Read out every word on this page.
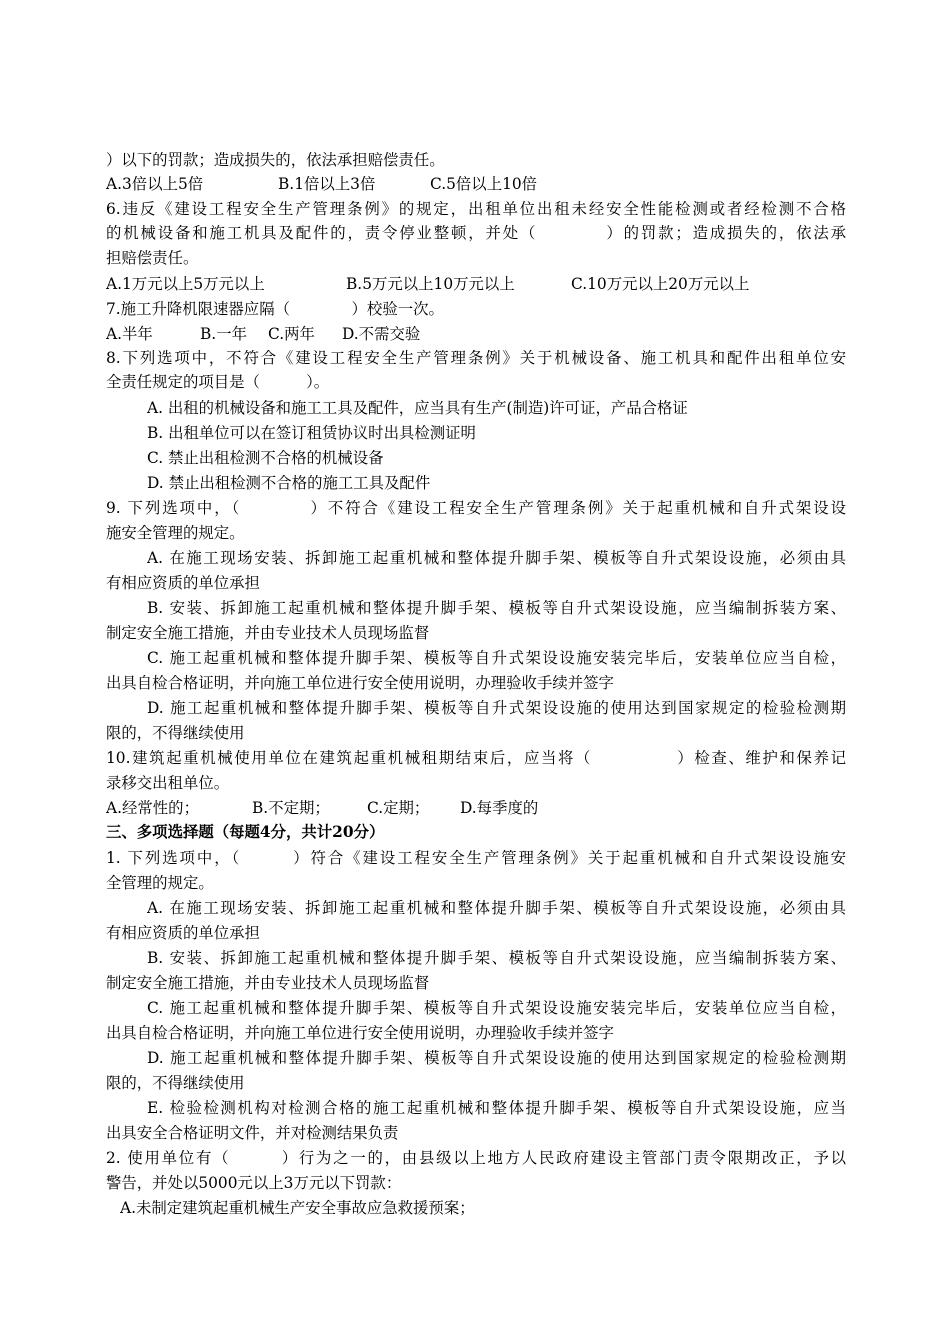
）以下的罚款；造成损失的，依法承担赔偿责任。
A.3倍以上5倍	B.1倍以上3倍	C.5倍以上10倍
6.违反《建设工程安全生产管理条例》的规定，出租单位出租未经安全性能检测或者经检测不合格
的机械设备和施工机具及配件的，责令停业整顿，并处（　　　　）的罚款；造成损失的，依法承
担赔偿责任。
A.1万元以上5万元以上	B.5万元以上10万元以上	C.10万元以上20万元以上
7.施工升降机限速器应隔（　　　　）校验一次。
A.半年	B.一年 C.两年 D.不需交验
8.下列选项中，不符合《建设工程安全生产管理条例》关于机械设备、施工机具和配件出租单位安
全责任规定的项目是（　　　）。
A. 出租的机械设备和施工工具及配件，应当具有生产(制造)许可证，产品合格证
B. 出租单位可以在签订租赁协议时出具检测证明
C. 禁止出租检测不合格的机械设备
D. 禁止出租检测不合格的施工工具及配件
9. 下列选项中，（　　　　）不符合《建设工程安全生产管理条例》关于起重机械和自升式架设设
施安全管理的规定。
A. 在施工现场安装、拆卸施工起重机械和整体提升脚手架、模板等自升式架设设施，必须由具
有相应资质的单位承担
B. 安装、拆卸施工起重机械和整体提升脚手架、模板等自升式架设设施，应当编制拆装方案、
制定安全施工措施，并由专业技术人员现场监督
C. 施工起重机械和整体提升脚手架、模板等自升式架设设施安装完毕后，安装单位应当自检，
出具自检合格证明，并向施工单位进行安全使用说明，办理验收手续并签字
D. 施工起重机械和整体提升脚手架、模板等自升式架设设施的使用达到国家规定的检验检测期
限的，不得继续使用
10.建筑起重机械使用单位在建筑起重机械租期结束后，应当将（　　　　　）检查、维护和保养记
录移交出租单位。
A.经常性的；	B.不定期； C.定期； D.每季度的
三、多项选择题（每题4分，共计20分）
1. 下列选项中，（　　　）符合《建设工程安全生产管理条例》关于起重机械和自升式架设设施安
全管理的规定。
A. 在施工现场安装、拆卸施工起重机械和整体提升脚手架、模板等自升式架设设施，必须由具
有相应资质的单位承担
B. 安装、拆卸施工起重机械和整体提升脚手架、模板等自升式架设设施，应当编制拆装方案、
制定安全施工措施，并由专业技术人员现场监督
C. 施工起重机械和整体提升脚手架、模板等自升式架设设施安装完毕后，安装单位应当自检，
出具自检合格证明，并向施工单位进行安全使用说明，办理验收手续并签字
D. 施工起重机械和整体提升脚手架、模板等自升式架设设施的使用达到国家规定的检验检测期
限的，不得继续使用
E. 检验检测机构对检测合格的施工起重机械和整体提升脚手架、模板等自升式架设设施，应当
出具安全合格证明文件，并对检测结果负责
2. 使用单位有（　　　）行为之一的，由县级以上地方人民政府建设主管部门责令限期改正，予以
警告，并处以5000元以上3万元以下罚款：
A.未制定建筑起重机械生产安全事故应急救援预案；
